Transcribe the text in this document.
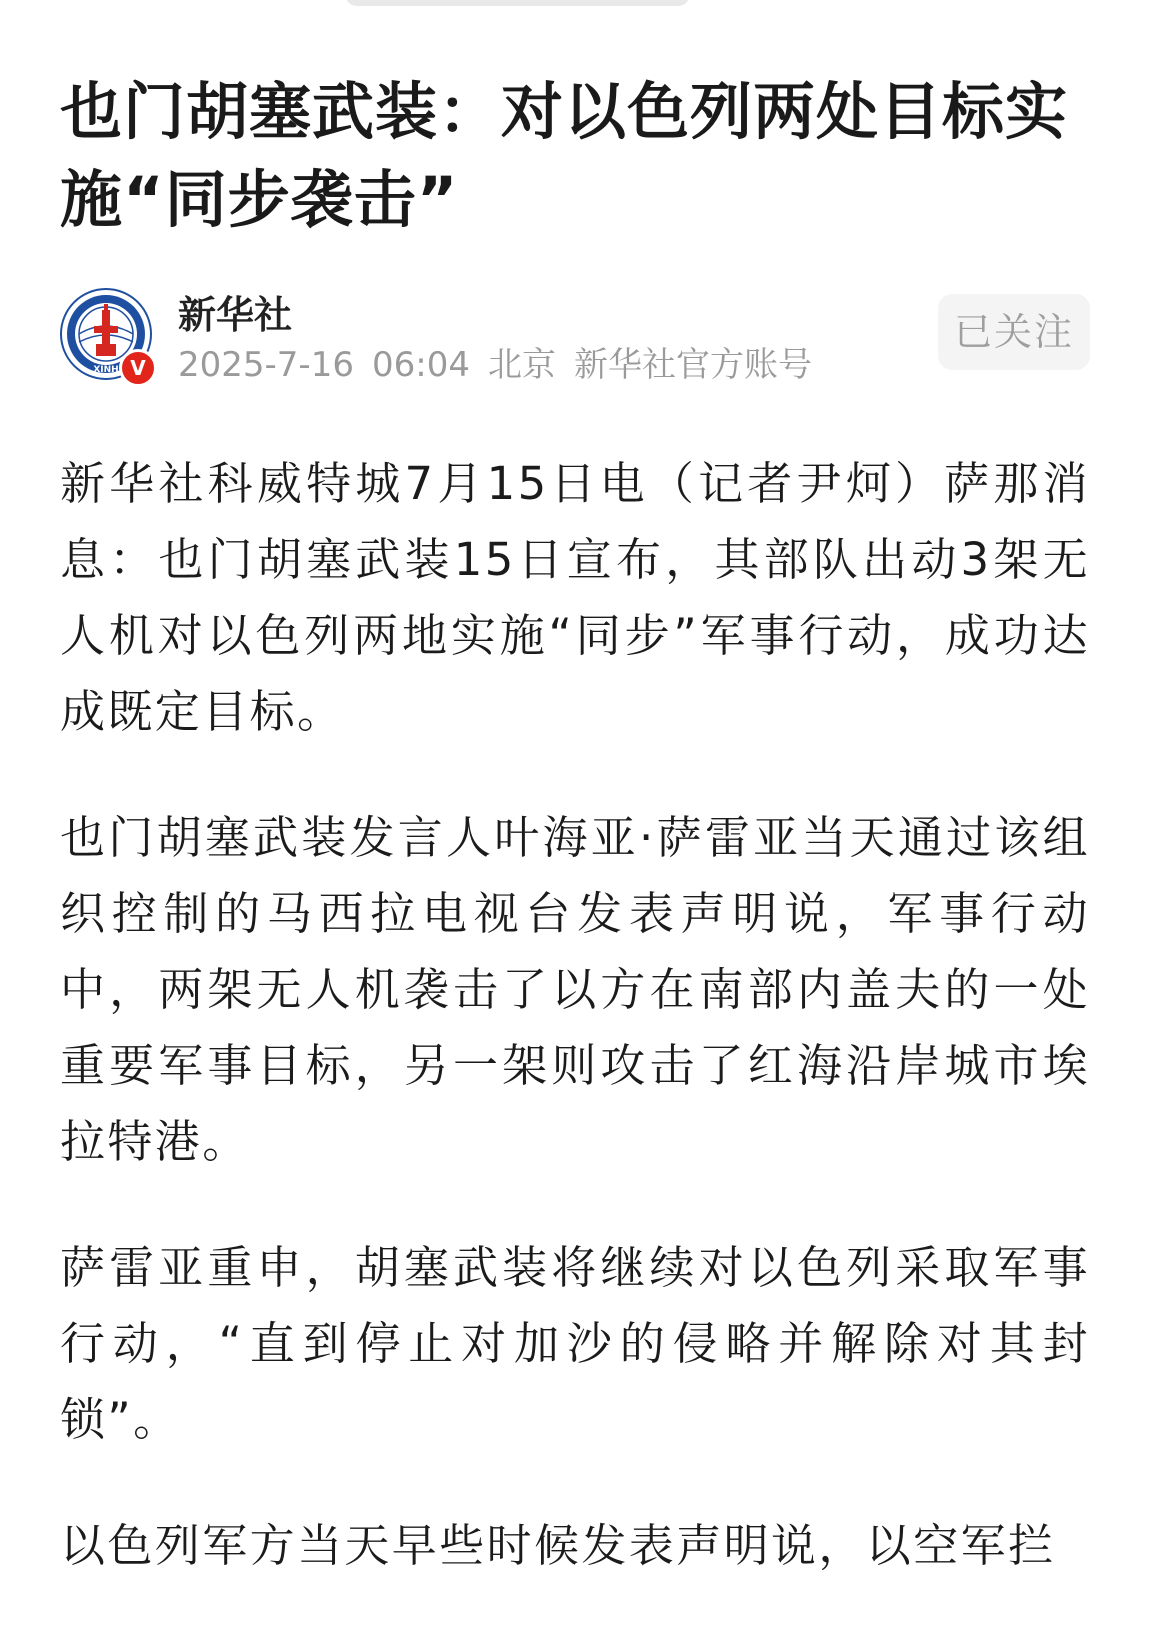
也门胡塞武装：对以色列两处目标实施“同步袭击”
XINH V
新华社
2025-7-16 06:04 北京 新华社官方账号
已关注

新华社科威特城7月15日电（记者尹炣）萨那消息：也门胡塞武装15日宣布，其部队出动3架无人机对以色列两地实施“同步”军事行动，成功达成既定目标。

也门胡塞武装发言人叶海亚·萨雷亚当天通过该组织控制的马西拉电视台发表声明说，军事行动中，两架无人机袭击了以方在南部内盖夫的一处重要军事目标，另一架则攻击了红海沿岸城市埃拉特港。

萨雷亚重申，胡塞武装将继续对以色列采取军事行动，“直到停止对加沙的侵略并解除对其封锁”。

以色列军方当天早些时候发表声明说，以空军拦
